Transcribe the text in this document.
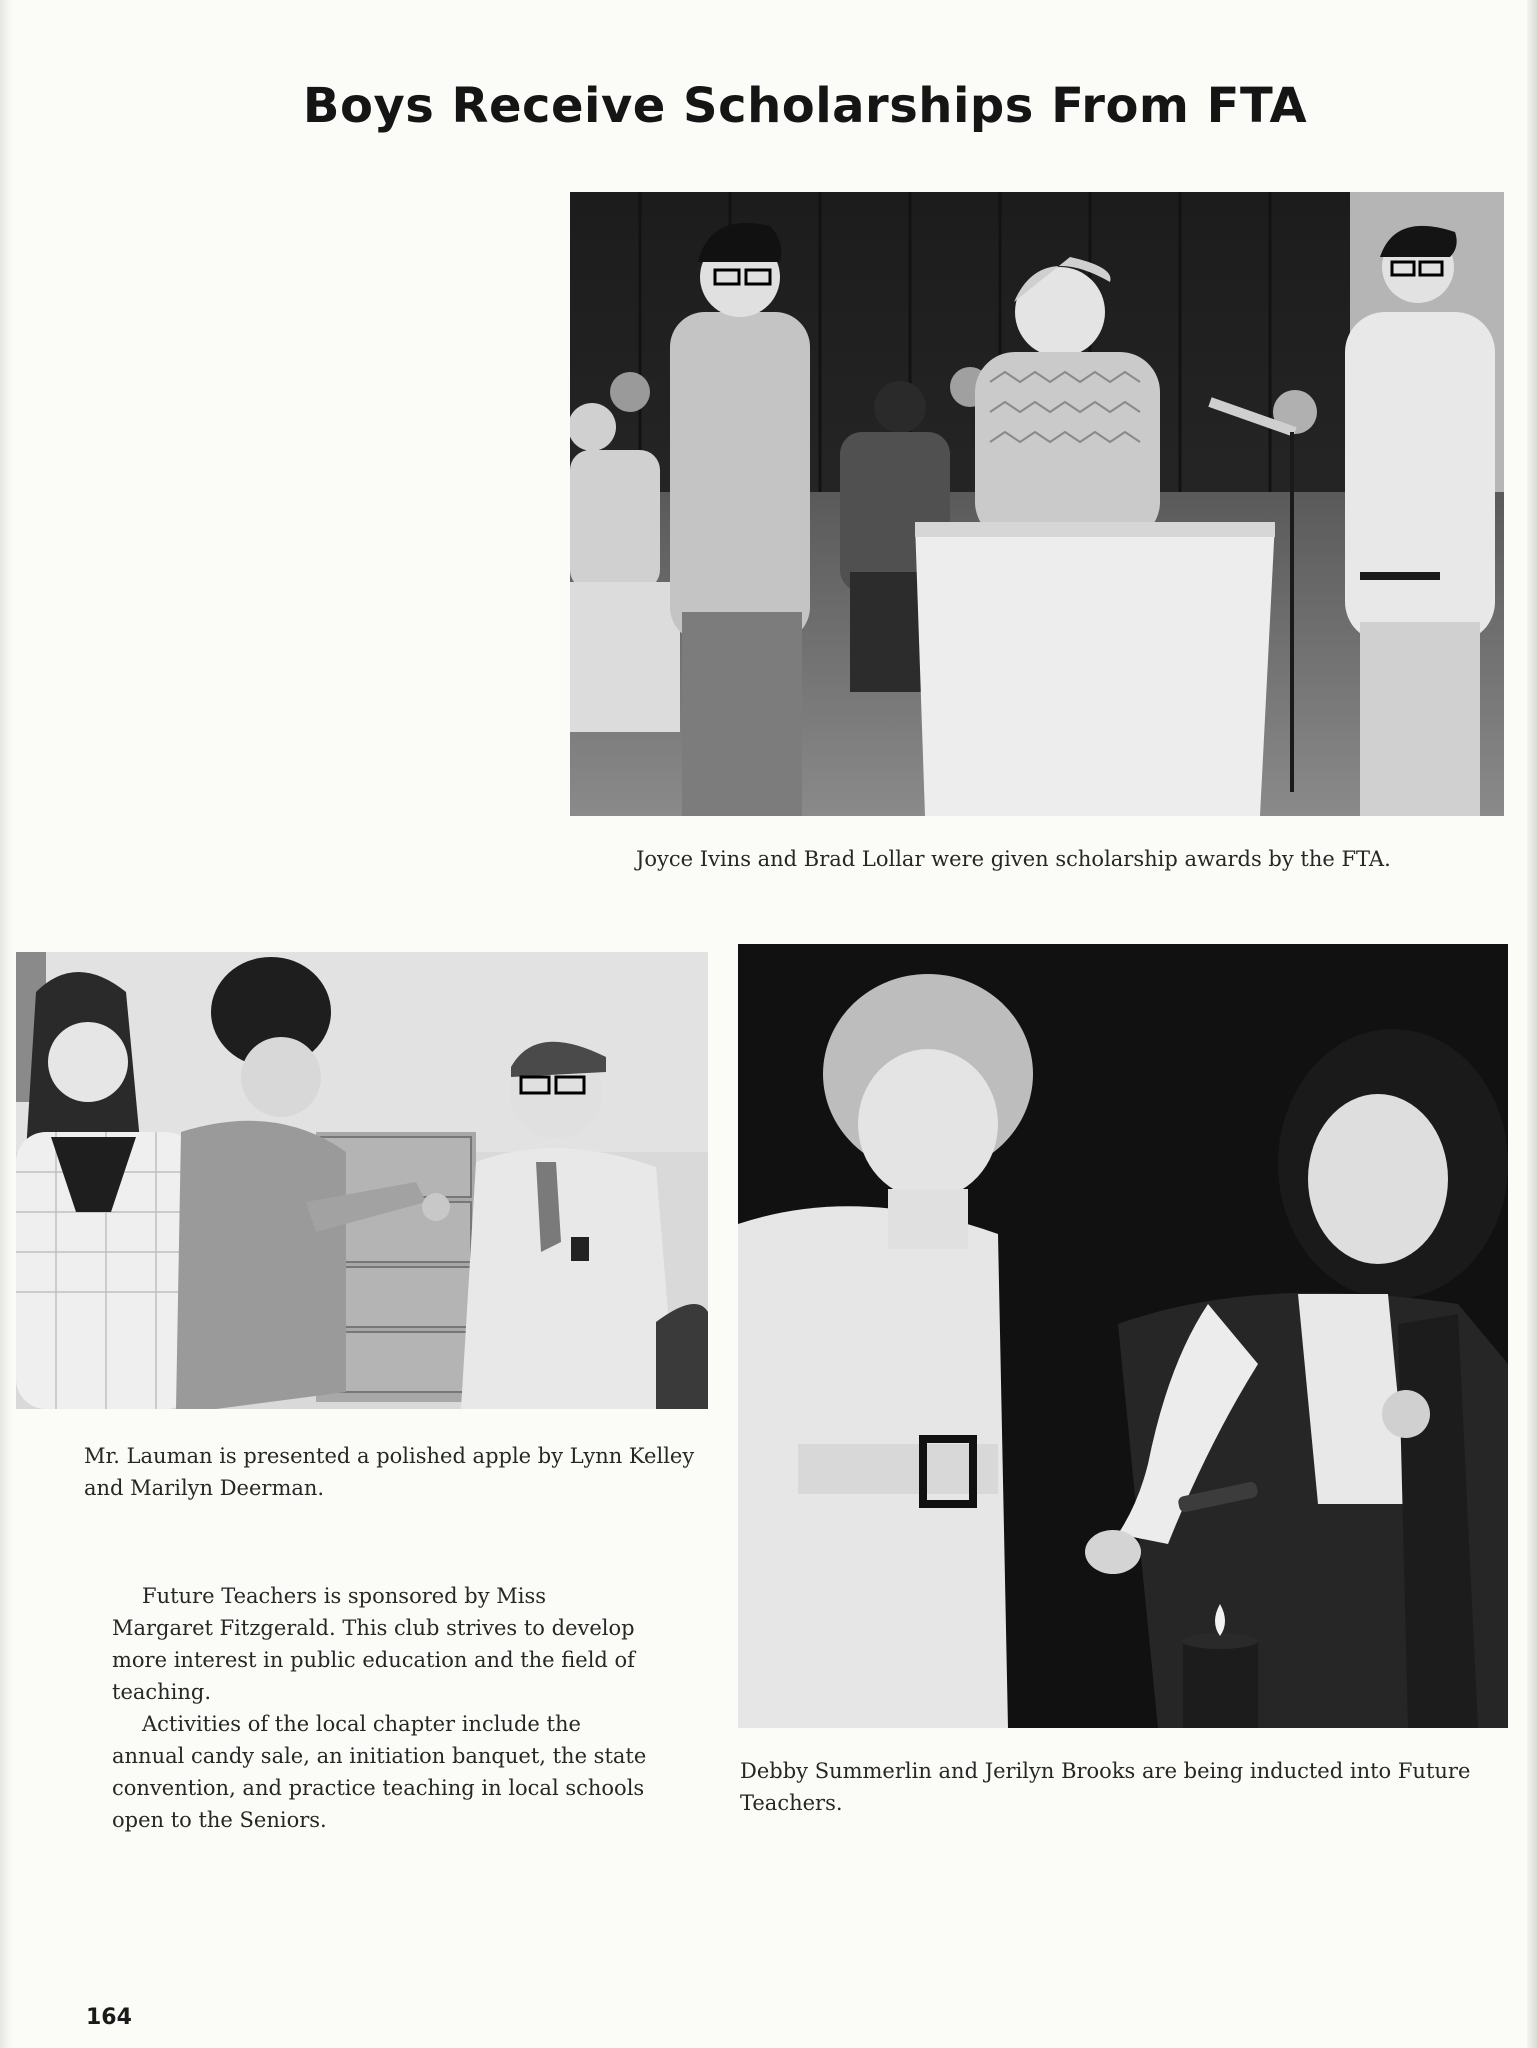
Boys Receive Scholarships From FTA

Joyce Ivins and Brad Lollar were given scholarship awards by the FTA.

Mr. Lauman is presented a polished apple by Lynn Kelley and Marilyn Deerman.

Future Teachers is sponsored by Miss Margaret Fitzgerald. This club strives to develop more interest in public education and the field of teaching.

Activities of the local chapter include the annual candy sale, an initiation banquet, the state convention, and practice teaching in local schools open to the Seniors.

Debby Summerlin and Jerilyn Brooks are being inducted into Future Teachers.

164
